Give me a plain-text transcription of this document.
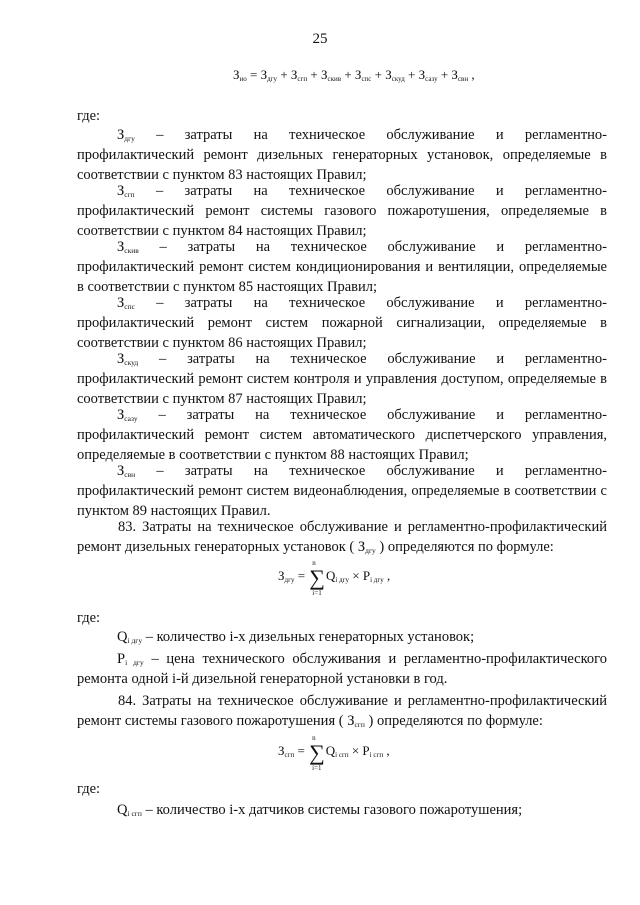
25
$З_{ио} = З_{дгу} + З_{сгп} + З_{скив} + З_{спс} + З_{скуд} + З_{сазу} + З_{свн}$ ,
где:
$З_{дгу}$ – затраты на техническое обслуживание и регламентно-
профилактический ремонт дизельных генераторных установок, определяемые в соответствии с пунктом 83 настоящих Правил;
$З_{сгп}$ – затраты на техническое обслуживание и регламентно-
профилактический ремонт системы газового пожаротушения, определяемые в соответствии с пунктом 84 настоящих Правил;
$З_{скив}$ – затраты на техническое обслуживание и регламентно-
профилактический ремонт систем кондиционирования и вентиляции, определяемые в соответствии с пунктом 85 настоящих Правил;
$З_{спс}$ – затраты на техническое обслуживание и регламентно-
профилактический ремонт систем пожарной сигнализации, определяемые в соответствии с пунктом 86 настоящих Правил;
$З_{скуд}$ – затраты на техническое обслуживание и регламентно-
профилактический ремонт систем контроля и управления доступом, определяемые в соответствии с пунктом 87 настоящих Правил;
$З_{сазу}$ – затраты на техническое обслуживание и регламентно-
профилактический ремонт систем автоматического диспетчерского управления, определяемые в соответствии с пунктом 88 настоящих Правил;
$З_{свн}$ – затраты на техническое обслуживание и регламентно-
профилактический ремонт систем видеонаблюдения, определяемые в соответствии с пунктом 89 настоящих Правил.
83. Затраты на техническое обслуживание и регламентно-профилактический
ремонт дизельных генераторных установок ( $З_{дгу}$ ) определяются по формуле:
$З_{дгу}$ = ∑
n
i=1
$Q_{i дгу} \times P_{i дгу}$ ,
где:
$Q_{i дгу}$ – количество i-х дизельных генераторных установок;
$P_{i дгу}$ – цена технического обслуживания и регламентно-профилактического
ремонта одной i-й дизельной генераторной установки в год.
84. Затраты на техническое обслуживание и регламентно-профилактический
ремонт системы газового пожаротушения ( $З_{сгп}$ ) определяются по формуле:
$З_{сгп}$ = ∑
n
i=1
$Q_{i сгп} \times P_{i сгп}$ ,
где:
$Q_{i сгп}$ – количество i-х датчиков системы газового пожаротушения;
